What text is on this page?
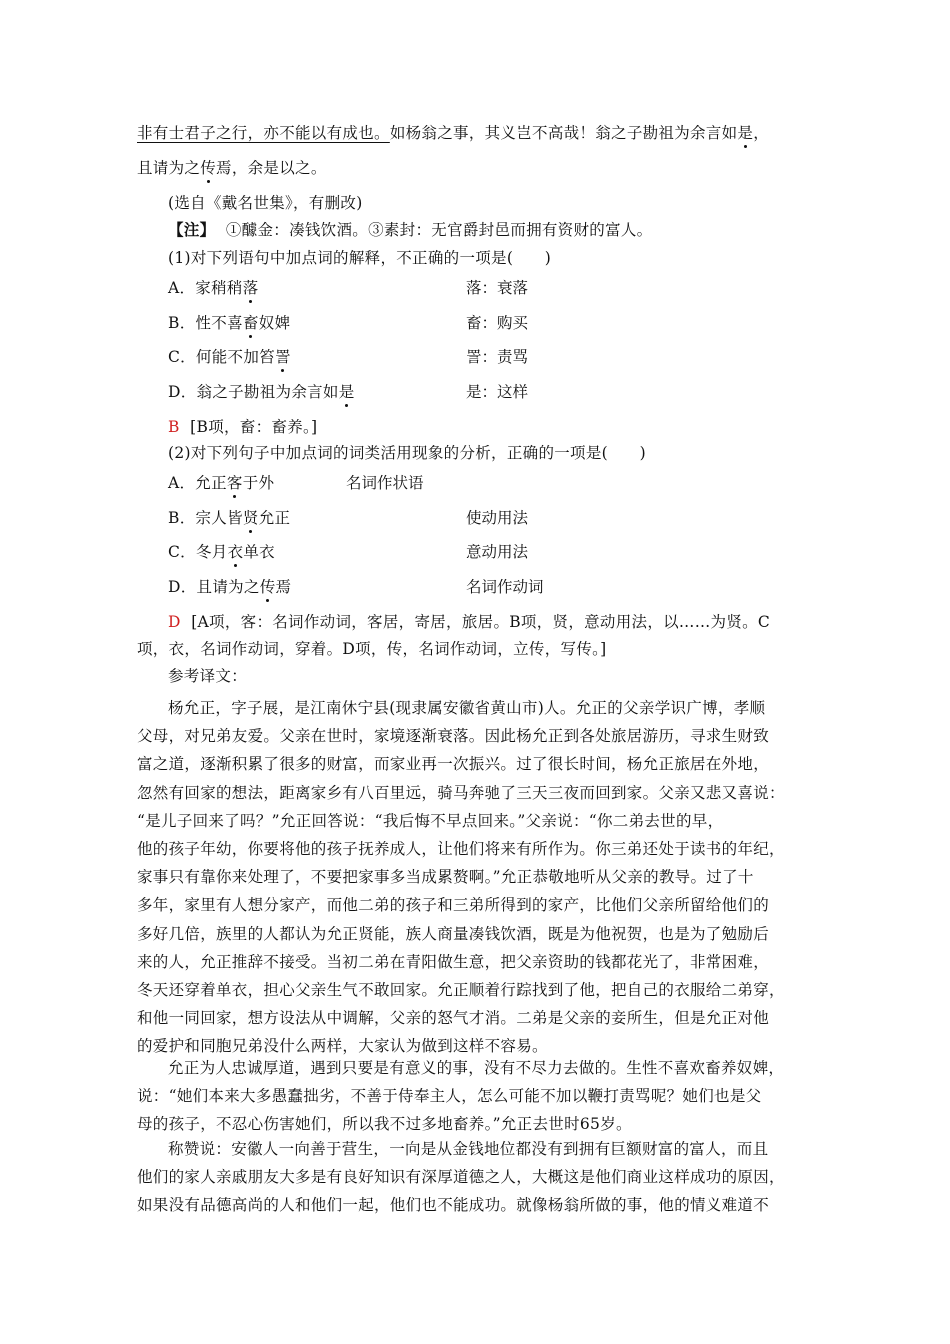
非有士君子之行，亦不能以有成也。如杨翁之事，其义岂不高哉！翁之子勘祖为余言如是，
且请为之传焉，余是以之。
(选自《戴名世集》，有删改)
【注】 ①醵金：凑钱饮酒。③素封：无官爵封邑而拥有资财的富人。
(1)对下列语句中加点词的解释，不正确的一项是(　　)
A．家稍稍落	落：衰落
B．性不喜畜奴婢	畜：购买
C．何能不加笞詈	詈：责骂
D．翁之子勘祖为余言如是	是：这样
B [B项，畜：畜养。]
(2)对下列句子中加点词的词类活用现象的分析，正确的一项是(　　)
A．允正客于外	名词作状语
B．宗人皆贤允正	使动用法
C．冬月衣单衣	意动用法
D．且请为之传焉	名词作动词
D [A项，客：名词作动词，客居，寄居，旅居。B项，贤，意动用法，以……为贤。C
项，衣，名词作动词，穿着。D项，传，名词作动词，立传，写传。]
参考译文：
杨允正，字子展，是江南休宁县(现隶属安徽省黄山市)人。允正的父亲学识广博，孝顺
父母，对兄弟友爱。父亲在世时，家境逐渐衰落。因此杨允正到各处旅居游历，寻求生财致
富之道，逐渐积累了很多的财富，而家业再一次振兴。过了很长时间，杨允正旅居在外地，
忽然有回家的想法，距离家乡有八百里远，骑马奔驰了三天三夜而回到家。父亲又悲又喜说：
“是儿子回来了吗？”允正回答说：“我后悔不早点回来。”父亲说：“你二弟去世的早，
他的孩子年幼，你要将他的孩子抚养成人，让他们将来有所作为。你三弟还处于读书的年纪，
家事只有靠你来处理了，不要把家事多当成累赘啊。”允正恭敬地听从父亲的教导。过了十
多年，家里有人想分家产，而他二弟的孩子和三弟所得到的家产，比他们父亲所留给他们的
多好几倍，族里的人都认为允正贤能，族人商量凑钱饮酒，既是为他祝贺，也是为了勉励后
来的人，允正推辞不接受。当初二弟在青阳做生意，把父亲资助的钱都花光了，非常困难，
冬天还穿着单衣，担心父亲生气不敢回家。允正顺着行踪找到了他，把自己的衣服给二弟穿，
和他一同回家，想方设法从中调解，父亲的怒气才消。二弟是父亲的妾所生，但是允正对他
的爱护和同胞兄弟没什么两样，大家认为做到这样不容易。
允正为人忠诚厚道，遇到只要是有意义的事，没有不尽力去做的。生性不喜欢畜养奴婢，
说：“她们本来大多愚蠢拙劣，不善于侍奉主人，怎么可能不加以鞭打责骂呢？她们也是父
母的孩子，不忍心伤害她们，所以我不过多地畜养。”允正去世时65岁。
称赞说：安徽人一向善于营生，一向是从金钱地位都没有到拥有巨额财富的富人，而且
他们的家人亲戚朋友大多是有良好知识有深厚道德之人，大概这是他们商业这样成功的原因，
如果没有品德高尚的人和他们一起，他们也不能成功。就像杨翁所做的事，他的情义难道不
